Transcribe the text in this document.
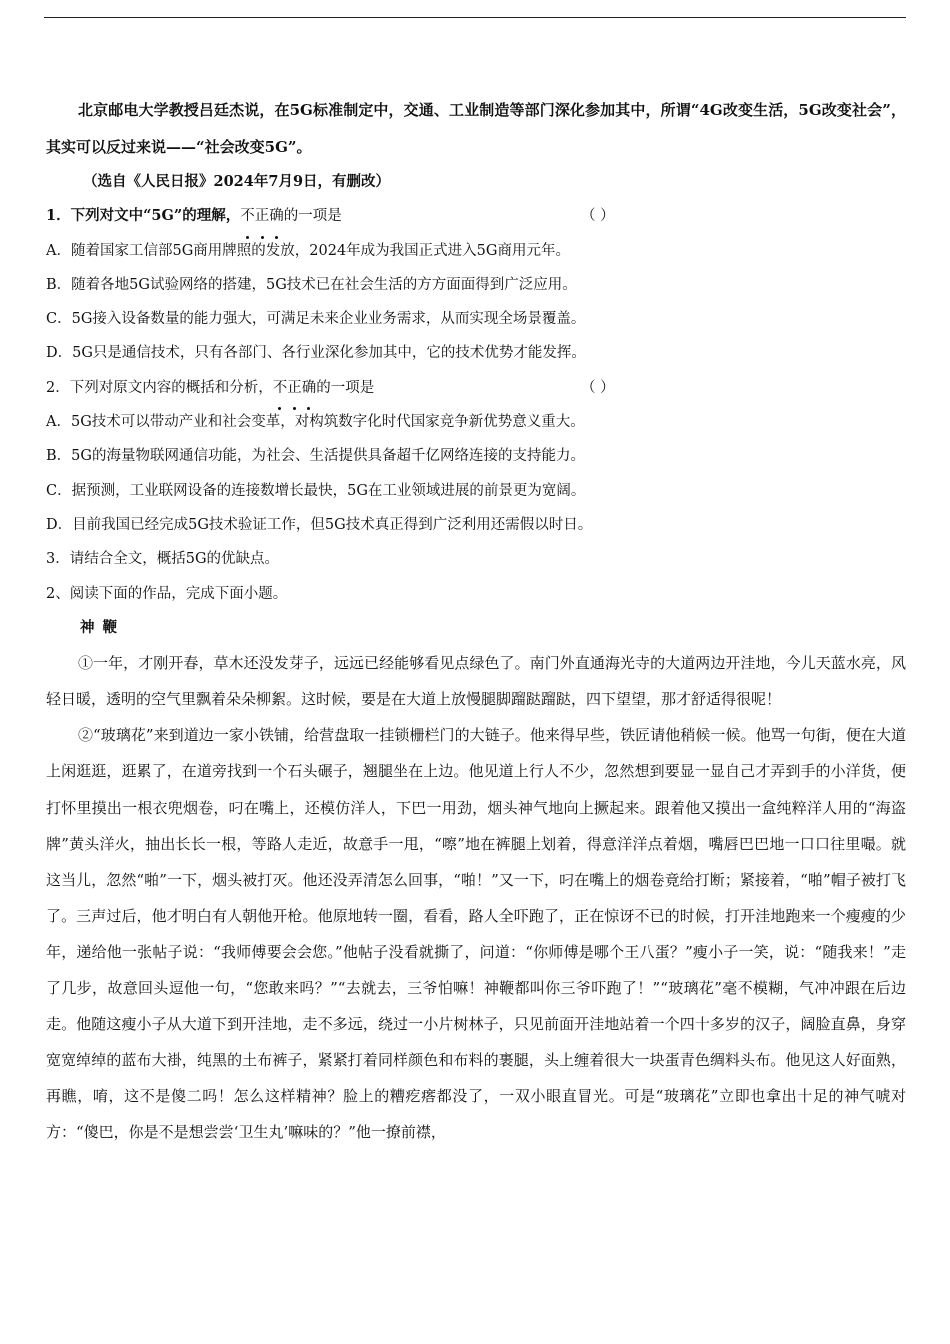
北京邮电大学教授吕廷杰说，在5G标准制定中，交通、工业制造等部门深化参加其中，所谓“4G改变生活，5G改变社会”，其实可以反过来说——“社会改变5G”。
（选自《人民日报》2024年7月9日，有删改）
1．下列对文中“5G”的理解，不正确的一项是	（ ）
A．随着国家工信部5G商用牌照的发放，2024年成为我国正式进入5G商用元年。
B．随着各地5G试验网络的搭建，5G技术已在社会生活的方方面面得到广泛应用。
C．5G接入设备数量的能力强大，可满足未来企业业务需求，从而实现全场景覆盖。
D．5G只是通信技术，只有各部门、各行业深化参加其中，它的技术优势才能发挥。
2．下列对原文内容的概括和分析，不正确的一项是	（ ）
A．5G技术可以带动产业和社会变革，对构筑数字化时代国家竞争新优势意义重大。
B．5G的海量物联网通信功能，为社会、生活提供具备超千亿网络连接的支持能力。
C．据预测，工业联网设备的连接数增长最快，5G在工业领域进展的前景更为宽阔。
D．目前我国已经完成5G技术验证工作，但5G技术真正得到广泛利用还需假以时日。
3．请结合全文，概括5G的优缺点。
2、阅读下面的作品，完成下面小题。
神鞭
①一年，才刚开春，草木还没发芽子，远远已经能够看见点绿色了。南门外直通海光寺的大道两边开洼地，今儿天蓝水亮，风轻日暖，透明的空气里飘着朵朵柳絮。这时候，要是在大道上放慢腿脚蹓跶蹓跶，四下望望，那才舒适得很呢！
②“玻璃花”来到道边一家小铁铺，给营盘取一挂锁栅栏门的大链子。他来得早些，铁匠请他稍候一候。他骂一句街，便在大道上闲逛逛，逛累了，在道旁找到一个石头碾子，翘腿坐在上边。他见道上行人不少，忽然想到要显一显自己才弄到手的小洋货，便打怀里摸出一根衣兜烟卷，叼在嘴上，还模仿洋人，下巴一用劲，烟头神气地向上撅起来。跟着他又摸出一盒纯粹洋人用的“海盗牌”黄头洋火，抽出长长一根，等路人走近，故意手一甩，“嚓”地在裤腿上划着，得意洋洋点着烟，嘴唇巴巴地一口口往里嘬。就这当儿，忽然“啪”一下，烟头被打灭。他还没弄清怎么回事，“啪！”又一下，叼在嘴上的烟卷竟给打断；紧接着，“啪”帽子被打飞了。三声过后，他才明白有人朝他开枪。他原地转一圈，看看，路人全吓跑了，正在惊讶不已的时候，打开洼地跑来一个瘦瘦的少年，递给他一张帖子说：“我师傅要会会您。”他帖子没看就撕了，问道：“你师傅是哪个王八蛋？”瘦小子一笑，说：“随我来！”走了几步，故意回头逗他一句，“您敢来吗？”“去就去，三爷怕嘛！神鞭都叫你三爷吓跑了！”“玻璃花”毫不模糊，气冲冲跟在后边走。他随这瘦小子从大道下到开洼地，走不多远，绕过一小片树林子，只见前面开洼地站着一个四十多岁的汉子，阔脸直鼻，身穿宽宽绰绰的蓝布大褂，纯黑的土布裤子，紧紧打着同样颜色和布料的裹腿，头上缠着很大一块蛋青色绸料头布。他见这人好面熟，再瞧，唷，这不是傻二吗！怎么这样精神？脸上的糟疙瘩都没了，一双小眼直冒光。可是“玻璃花”立即也拿出十足的神气唬对方：“傻巴，你是不是想尝尝‘卫生丸’嘛味的？”他一撩前襟，
